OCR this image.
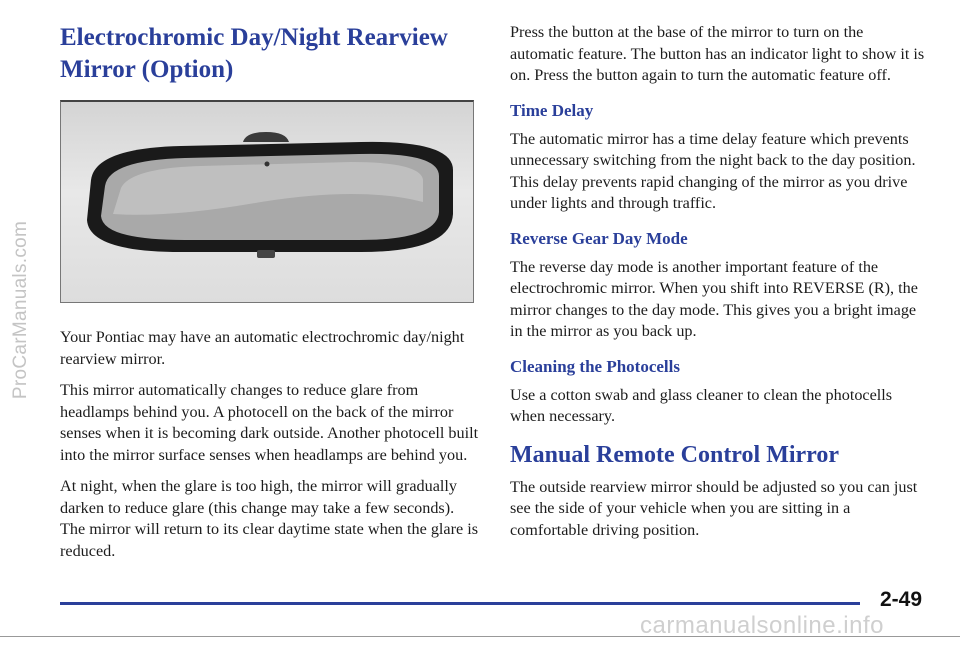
ProCarManuals.com
Electrochromic Day/Night Rearview Mirror (Option)

Your Pontiac may have an automatic electrochromic day/night rearview mirror.

This mirror automatically changes to reduce glare from headlamps behind you. A photocell on the back of the mirror senses when it is becoming dark outside. Another photocell built into the mirror surface senses when headlamps are behind you.

At night, when the glare is too high, the mirror will gradually darken to reduce glare (this change may take a few seconds). The mirror will return to its clear daytime state when the glare is reduced.

Press the button at the base of the mirror to turn on the automatic feature. The button has an indicator light to show it is on. Press the button again to turn the automatic feature off.

Time Delay

The automatic mirror has a time delay feature which prevents unnecessary switching from the night back to the day position. This delay prevents rapid changing of the mirror as you drive under lights and through traffic.

Reverse Gear Day Mode

The reverse day mode is another important feature of the electrochromic mirror. When you shift into REVERSE (R), the mirror changes to the day mode. This gives you a bright image in the mirror as you back up.

Cleaning the Photocells

Use a cotton swab and glass cleaner to clean the photocells when necessary.

Manual Remote Control Mirror

The outside rearview mirror should be adjusted so you can just see the side of your vehicle when you are sitting in a comfortable driving position.

2-49
carmanualsonline.info
